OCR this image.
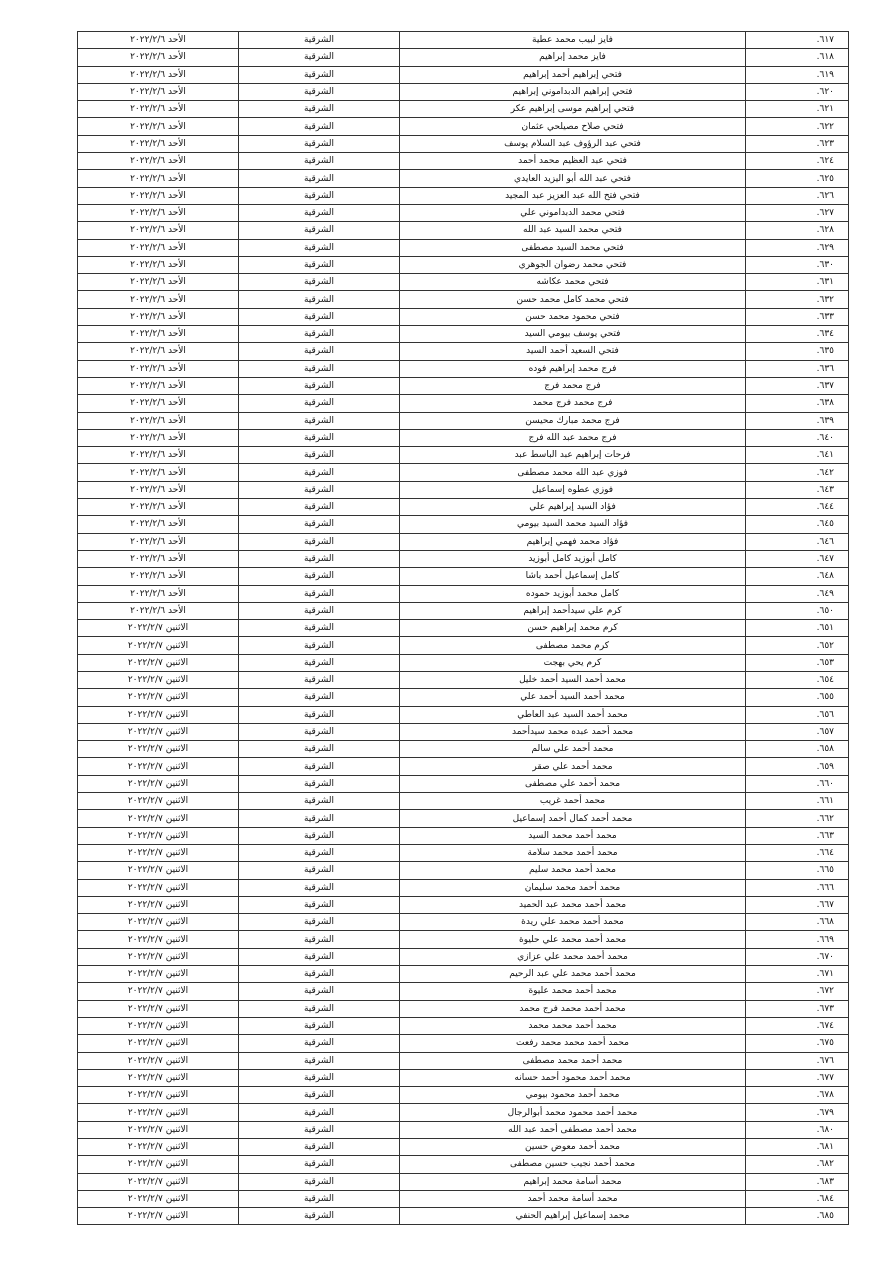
٦١٧.	فايز لبيب محمد عطية	الشرقية	الأحد ٢٠٢٢/٢/٦
٦١٨.	فايز محمد إبراهيم	الشرقية	الأحد ٢٠٢٢/٢/٦
٦١٩.	فتحي إبراهيم أحمد إبراهيم	الشرقية	الأحد ٢٠٢٢/٢/٦
٦٢٠.	فتحي إبراهيم الدبداموني إبراهيم	الشرقية	الأحد ٢٠٢٢/٢/٦
٦٢١.	فتحي إبراهيم موسى إبراهيم عكر	الشرقية	الأحد ٢٠٢٢/٢/٦
٦٢٢.	فتحي صلاح مصيلحي عثمان	الشرقية	الأحد ٢٠٢٢/٢/٦
٦٢٣.	فتحي عبد الرؤوف عبد السلام يوسف	الشرقية	الأحد ٢٠٢٢/٢/٦
٦٢٤.	فتحي عبد العظيم محمد أحمد	الشرقية	الأحد ٢٠٢٢/٢/٦
٦٢٥.	فتحي عبد الله أبو اليزيد العايدي	الشرقية	الأحد ٢٠٢٢/٢/٦
٦٢٦.	فتحي فتح الله عبد العزيز عبد المجيد	الشرقية	الأحد ٢٠٢٢/٢/٦
٦٢٧.	فتحي محمد الدبداموني علي	الشرقية	الأحد ٢٠٢٢/٢/٦
٦٢٨.	فتحي محمد السيد عبد الله	الشرقية	الأحد ٢٠٢٢/٢/٦
٦٢٩.	فتحي محمد السيد مصطفى	الشرقية	الأحد ٢٠٢٢/٢/٦
٦٣٠.	فتحي محمد رضوان الجوهري	الشرقية	الأحد ٢٠٢٢/٢/٦
٦٣١.	فتحي محمد عكاشه	الشرقية	الأحد ٢٠٢٢/٢/٦
٦٣٢.	فتحي محمد كامل محمد حسن	الشرقية	الأحد ٢٠٢٢/٢/٦
٦٣٣.	فتحي محمود محمد حسن	الشرقية	الأحد ٢٠٢٢/٢/٦
٦٣٤.	فتحي يوسف بيومي السيد	الشرقية	الأحد ٢٠٢٢/٢/٦
٦٣٥.	فتحي السعيد أحمد السيد	الشرقية	الأحد ٢٠٢٢/٢/٦
٦٣٦.	فرج محمد إبراهيم فوده	الشرقية	الأحد ٢٠٢٢/٢/٦
٦٣٧.	فرج محمد فرج	الشرقية	الأحد ٢٠٢٢/٢/٦
٦٣٨.	فرج محمد فرج محمد	الشرقية	الأحد ٢٠٢٢/٢/٦
٦٣٩.	فرج محمد مبارك محيسن	الشرقية	الأحد ٢٠٢٢/٢/٦
٦٤٠.	فرج محمد عبد الله فرج	الشرقية	الأحد ٢٠٢٢/٢/٦
٦٤١.	فرحات إبراهيم عبد الباسط عبد	الشرقية	الأحد ٢٠٢٢/٢/٦
٦٤٢.	فوزي عبد الله محمد مصطفى	الشرقية	الأحد ٢٠٢٢/٢/٦
٦٤٣.	فوزي عطوه إسماعيل	الشرقية	الأحد ٢٠٢٢/٢/٦
٦٤٤.	فؤاد السيد إبراهيم علي	الشرقية	الأحد ٢٠٢٢/٢/٦
٦٤٥.	فؤاد السيد محمد السيد بيومي	الشرقية	الأحد ٢٠٢٢/٢/٦
٦٤٦.	فؤاد محمد فهمي إبراهيم	الشرقية	الأحد ٢٠٢٢/٢/٦
٦٤٧.	كامل أبوزيد كامل أبوزيد	الشرقية	الأحد ٢٠٢٢/٢/٦
٦٤٨.	كامل إسماعيل أحمد باشا	الشرقية	الأحد ٢٠٢٢/٢/٦
٦٤٩.	كامل محمد أبوزيد حموده	الشرقية	الأحد ٢٠٢٢/٢/٦
٦٥٠.	كرم علي سيدأحمد إبراهيم	الشرقية	الأحد ٢٠٢٢/٢/٦
٦٥١.	كرم محمد إبراهيم حسن	الشرقية	الاثنين ٢٠٢٢/٢/٧
٦٥٢.	كرم محمد مصطفى	الشرقية	الاثنين ٢٠٢٢/٢/٧
٦٥٣.	كرم يحي بهجت	الشرقية	الاثنين ٢٠٢٢/٢/٧
٦٥٤.	محمد أحمد السيد أحمد خليل	الشرقية	الاثنين ٢٠٢٢/٢/٧
٦٥٥.	محمد أحمد السيد أحمد علي	الشرقية	الاثنين ٢٠٢٢/٢/٧
٦٥٦.	محمد أحمد السيد عبد العاطي	الشرقية	الاثنين ٢٠٢٢/٢/٧
٦٥٧.	محمد أحمد عبده محمد سيدأحمد	الشرقية	الاثنين ٢٠٢٢/٢/٧
٦٥٨.	محمد أحمد علي سالم	الشرقية	الاثنين ٢٠٢٢/٢/٧
٦٥٩.	محمد أحمد علي صقر	الشرقية	الاثنين ٢٠٢٢/٢/٧
٦٦٠.	محمد أحمد علي مصطفى	الشرقية	الاثنين ٢٠٢٢/٢/٧
٦٦١.	محمد أحمد غريب	الشرقية	الاثنين ٢٠٢٢/٢/٧
٦٦٢.	محمد أحمد كمال أحمد إسماعيل	الشرقية	الاثنين ٢٠٢٢/٢/٧
٦٦٣.	محمد أحمد محمد السيد	الشرقية	الاثنين ٢٠٢٢/٢/٧
٦٦٤.	محمد أحمد محمد سلامة	الشرقية	الاثنين ٢٠٢٢/٢/٧
٦٦٥.	محمد أحمد محمد سليم	الشرقية	الاثنين ٢٠٢٢/٢/٧
٦٦٦.	محمد أحمد محمد سليمان	الشرقية	الاثنين ٢٠٢٢/٢/٧
٦٦٧.	محمد أحمد محمد عبد الحميد	الشرقية	الاثنين ٢٠٢٢/٢/٧
٦٦٨.	محمد أحمد محمد علي ريدة	الشرقية	الاثنين ٢٠٢٢/٢/٧
٦٦٩.	محمد أحمد محمد علي حليوة	الشرقية	الاثنين ٢٠٢٢/٢/٧
٦٧٠.	محمد أحمد محمد علي عزازي	الشرقية	الاثنين ٢٠٢٢/٢/٧
٦٧١.	محمد أحمد محمد علي عبد الرحيم	الشرقية	الاثنين ٢٠٢٢/٢/٧
٦٧٢.	محمد أحمد محمد عليوة	الشرقية	الاثنين ٢٠٢٢/٢/٧
٦٧٣.	محمد أحمد محمد فرج محمد	الشرقية	الاثنين ٢٠٢٢/٢/٧
٦٧٤.	محمد أحمد محمد محمد	الشرقية	الاثنين ٢٠٢٢/٢/٧
٦٧٥.	محمد أحمد محمد محمد رفعت	الشرقية	الاثنين ٢٠٢٢/٢/٧
٦٧٦.	محمد أحمد محمد مصطفى	الشرقية	الاثنين ٢٠٢٢/٢/٧
٦٧٧.	محمد أحمد محمود أحمد حسانه	الشرقية	الاثنين ٢٠٢٢/٢/٧
٦٧٨.	محمد أحمد محمود بيومي	الشرقية	الاثنين ٢٠٢٢/٢/٧
٦٧٩.	محمد أحمد محمود محمد أبوالرجال	الشرقية	الاثنين ٢٠٢٢/٢/٧
٦٨٠.	محمد أحمد مصطفى أحمد عبد الله	الشرقية	الاثنين ٢٠٢٢/٢/٧
٦٨١.	محمد أحمد معوض حسين	الشرقية	الاثنين ٢٠٢٢/٢/٧
٦٨٢.	محمد أحمد نجيب حسين مصطفى	الشرقية	الاثنين ٢٠٢٢/٢/٧
٦٨٣.	محمد أسامة محمد إبراهيم	الشرقية	الاثنين ٢٠٢٢/٢/٧
٦٨٤.	محمد أسامة محمد أحمد	الشرقية	الاثنين ٢٠٢٢/٢/٧
٦٨٥.	محمد إسماعيل إبراهيم الحنفي	الشرقية	الاثنين ٢٠٢٢/٢/٧
